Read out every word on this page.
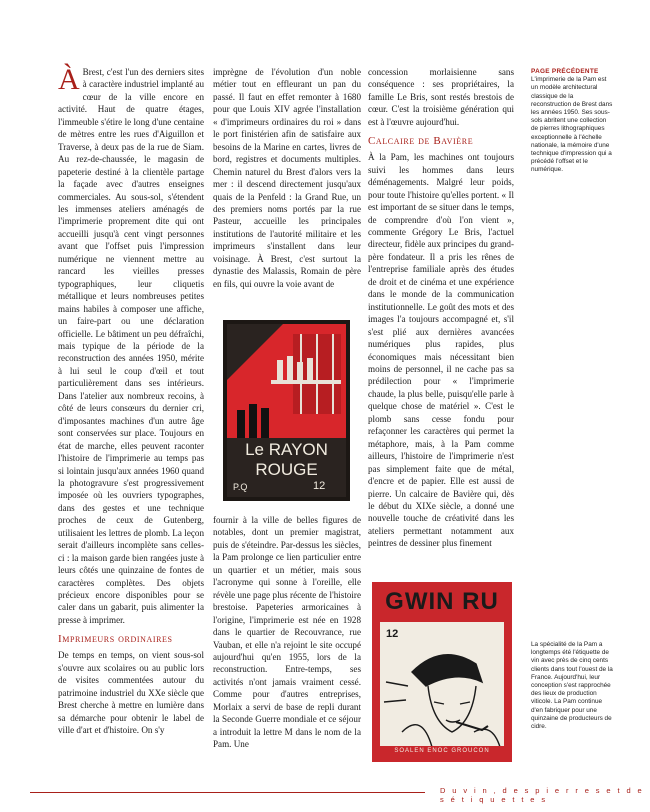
À Brest, c'est l'un des derniers sites à caractère industriel implanté au cœur de la ville encore en activité. Haut de quatre étages, l'immeuble s'étire le long d'une centaine de mètres entre les rues d'Aiguillon et Traverse, à deux pas de la rue de Siam. Au rez-de-chaussée, le magasin de papeterie destiné à la clientèle partage la façade avec d'autres enseignes commerciales. Au sous-sol, s'étendent les immenses ateliers aménagés de l'imprimerie proprement dite qui ont accueilli jusqu'à cent vingt personnes avant que l'offset puis l'impression numérique ne viennent mettre au rancard les vieilles presses typographiques, leur cliquetis métallique et leurs nombreuses petites mains habiles à composer une affiche, un faire-part ou une déclaration officielle. Le bâtiment un peu défraîchi, mais typique de la période de la reconstruction des années 1950, mérite à lui seul le coup d'œil et tout particulièrement dans ses intérieurs. Dans l'atelier aux nombreux recoins, à côté de leurs consœurs du dernier cri, d'imposantes machines d'un autre âge sont conservées sur place. Toujours en état de marche, elles peuvent raconter l'histoire de l'imprimerie au temps pas si lointain jusqu'aux années 1960 quand la photogravure s'est progressivement imposée où les ouvriers typographes, dans des gestes et une technique proches de ceux de Gutenberg, utilisaient les lettres de plomb. La leçon serait d'ailleurs incomplète sans celles-ci : la maison garde bien rangées juste à leurs côtés une quinzaine de fontes de caractères complètes. Des objets précieux encore disponibles pour se caler dans un gabarit, puis alimenter la presse à imprimer.

Imprimeurs ordinaires

De temps en temps, on vient sous-sol s'ouvre aux scolaires ou au public lors de visites commentées autour du patrimoine industriel du XXe siècle que Brest cherche à mettre en lumière dans sa démarche pour obtenir le label de ville d'art et d'histoire. On s'y

imprègne de l'évolution d'un noble métier tout en effleurant un pan du passé. Il faut en effet remonter à 1680 pour que Louis XIV agrée l'installation « d'imprimeurs ordinaires du roi » dans le port finistérien afin de satisfaire aux besoins de la Marine en cartes, livres de bord, registres et documents multiples. Chemin naturel du Brest d'alors vers la mer : il descend directement jusqu'aux quais de la Penfeld : la Grand Rue, un des premiers noms portés par la rue Pasteur, accueille les principales institutions de l'autorité militaire et les imprimeurs s'installent dans leur voisinage. À Brest, c'est surtout la dynastie des Malassis, Romain de père en fils, qui ouvre la voie avant de

Le RAYON
ROUGE
P.Q	12

fournir à la ville de belles figures de notables, dont un premier magistrat, puis de s'éteindre. Par-dessus les siècles, la Pam prolonge ce lien particulier entre un quartier et un métier, mais sous l'acronyme qui sonne à l'oreille, elle révèle une page plus récente de l'histoire brestoise. Papeteries armoricaines à l'origine, l'imprimerie est née en 1928 dans le quartier de Recouvrance, rue Vauban, et elle n'a rejoint le site occupé aujourd'hui qu'en 1955, lors de la reconstruction. Entre-temps, ses activités n'ont jamais vraiment cessé. Comme pour d'autres entreprises, Morlaix a servi de base de repli durant la Seconde Guerre mondiale et ce séjour a introduit la lettre M dans le nom de la Pam. Une

concession morlaisienne sans conséquence : ses propriétaires, la famille Le Bris, sont restés brestois de cœur. C'est la troisième génération qui est à l'œuvre aujourd'hui.

Calcaire de Bavière

À la Pam, les machines ont toujours suivi les hommes dans leurs déménagements. Malgré leur poids, pour toute l'histoire qu'elles portent. « Il est important de se situer dans le temps, de comprendre d'où l'on vient », commente Grégory Le Bris, l'actuel directeur, fidèle aux principes du grand-père fondateur. Il a pris les rênes de l'entreprise familiale après des études de droit et de cinéma et une expérience dans le monde de la communication institutionnelle. Le goût des mots et des images l'a toujours accompagné et, s'il s'est plié aux dernières avancées numériques plus rapides, plus économiques mais nécessitant bien moins de personnel, il ne cache pas sa prédilection pour « l'imprimerie chaude, la plus belle, puisqu'elle parle à quelque chose de matériel ». C'est le plomb sans cesse fondu pour refaçonner les caractères qui permet la métaphore, mais, à la Pam comme ailleurs, l'histoire de l'imprimerie n'est pas simplement faite que de métal, d'encre et de papier. Elle est aussi de pierre. Un calcaire de Bavière qui, dès le début du XIXe siècle, a donné une nouvelle touche de créativité dans les ateliers permettant notamment aux peintres de dessiner plus finement

GWIN RU
12
SOALEN ENOC GROUCON
PAGE PRÉCÉDENTE
L'imprimerie de la Pam est un modèle architectural classique de la reconstruction de Brest dans les années 1950. Ses sous-sols abritent une collection de pierres lithographiques exceptionnelle à l'échelle nationale, la mémoire d'une technique d'impression qui a précédé l'offset et le numérique.
La spécialité de la Pam a longtemps été l'étiquette de vin avec près de cinq cents clients dans tout l'ouest de la France. Aujourd'hui, leur conception s'est rapprochée des lieux de production viticole. La Pam continue d'en fabriquer pour une quinzaine de producteurs de cidre.
D u v i n , d e s p i e r r e s e t d e s é t i q u e t t e s
